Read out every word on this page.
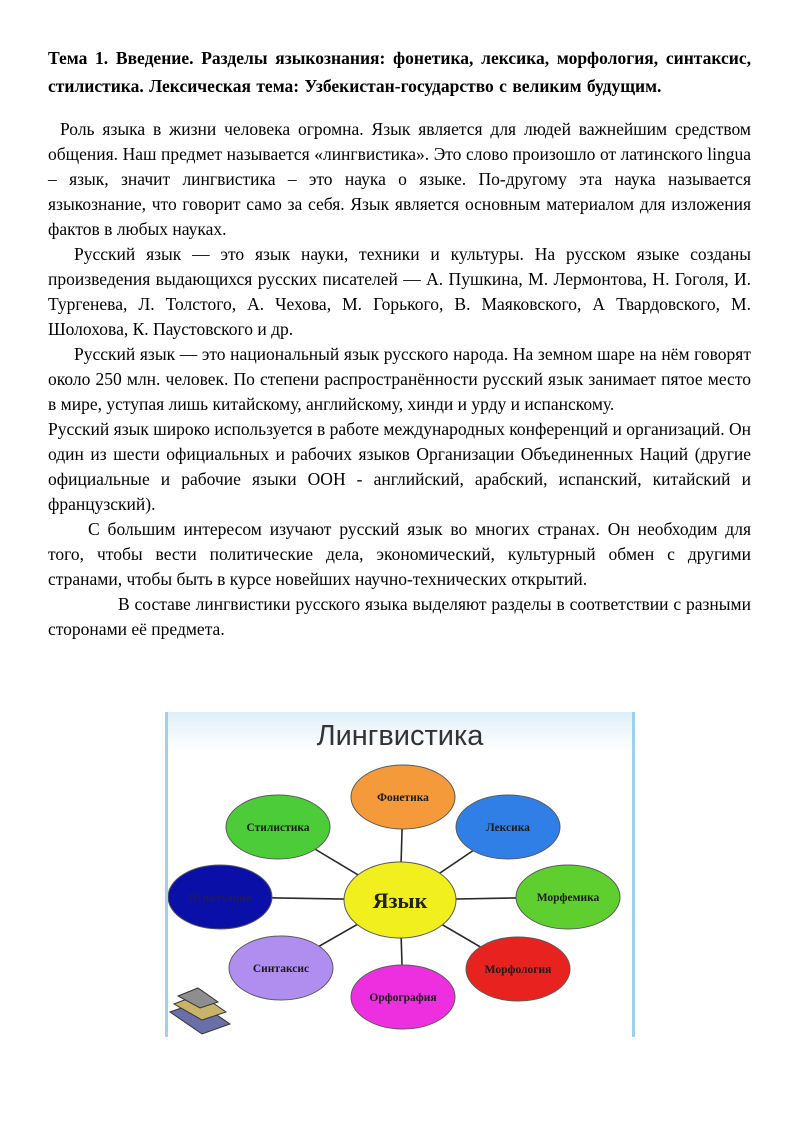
Тема 1. Введение. Разделы языкознания: фонетика, лексика, морфология, синтаксис, стилистика. Лексическая тема: Узбекистан-государство с великим будущим.

Роль языка в жизни человека огромна. Язык является для людей важнейшим средством общения. Наш предмет называется «лингвистика». Это слово произошло от латинского lingua – язык, значит лингвистика – это наука о языке. По-другому эта наука называется языкознание, что говорит само за себя. Язык является основным материалом для изложения фактов в любых науках.

Русский язык — это язык науки, техники и культуры. На русском языке созданы произведения выдающихся русских писателей — А. Пушкина, М. Лермонтова, Н. Гоголя, И. Тургенева, Л. Толстого, А. Чехова, М. Горького, В. Маяковского, А Твардовского, М. Шолохова, К. Паустовского и др.

Русский язык — это национальный язык русского народа. На земном шаре на нём говорят около 250 млн. человек. По степени распространённости русский язык занимает пятое место в мире, уступая лишь китайскому, английскому, хинди и урду и испанскому.

Русский язык широко используется в работе международных конференций и организаций. Он один из шести официальных и рабочих языков Организации Объединенных Наций (другие официальные и рабочие языки ООН - английский, арабский, испанский, китайский и французский).

С большим интересом изучают русский язык во многих странах. Он необходим для того, чтобы вести политические дела, экономический, культурный обмен с другими странами, чтобы быть в курсе новейших научно-технических открытий.

В составе лингвистики русского языка выделяют разделы в соответствии с разными сторонами её предмета.

Лингвистика
Фонетика
Лексика
Морфемика
Морфология
Орфография
Синтаксис
Пунктуация
Стилистика
Язык
